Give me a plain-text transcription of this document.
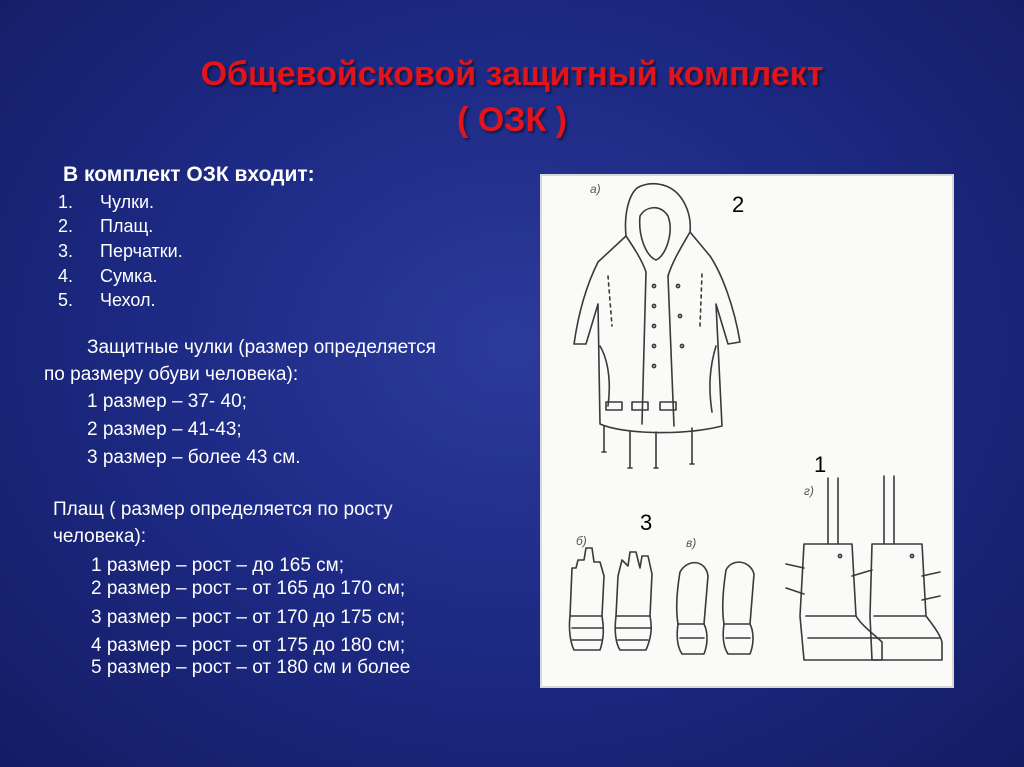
Общевойсковой защитный комплект
( ОЗК )

В комплект ОЗК входит:

1. Чулки.
2. Плащ.
3. Перчатки.
4. Сумка.
5. Чехол.

Защитные чулки (размер определяется

по размеру обуви человека):

1 размер – 37- 40;

2 размер – 41-43;

3 размер – более 43 см.

Плащ ( размер определяется по росту

человека):

1 размер – рост – до 165 см;

2 размер – рост – от 165 до 170 см;

3 размер – рост – от 170 до 175 см;

4 размер – рост – от 175 до 180 см;

5 размер – рост – от 180 см и более

2
3
1
а)
б)	в)
г)
